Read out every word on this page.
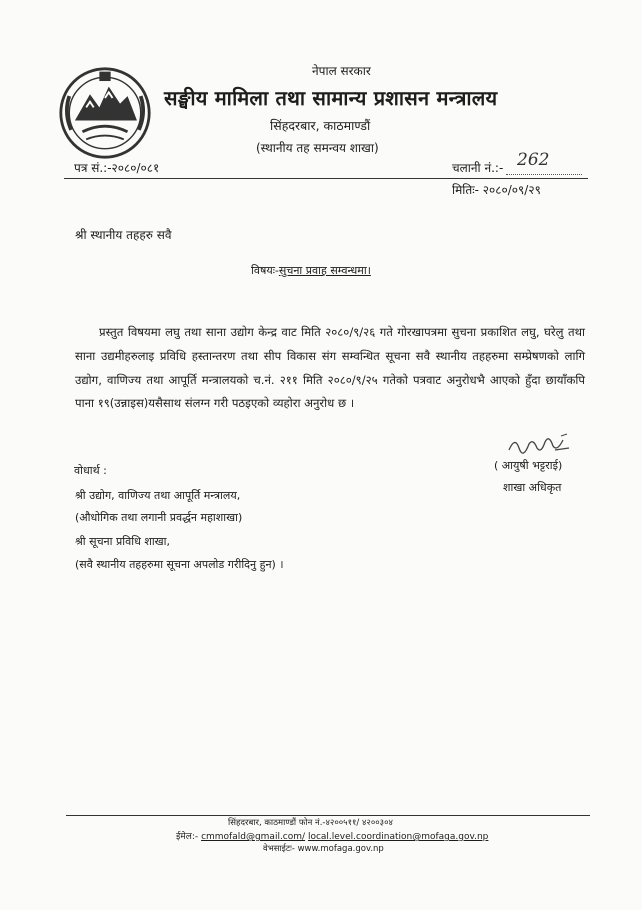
नेपाल सरकार
सङ्घीय मामिला तथा सामान्य प्रशासन मन्त्रालय
सिंहदरबार, काठमाण्डौं
(स्थानीय तह समन्वय शाखा)
पत्र सं.:-२०८०/०८१	चलानी नं.:- 262
मितिः- २०८०/०९/२९
श्री स्थानीय तहहरु सवै
विषयः-सुचना प्रवाह सम्वन्धमा।
प्रस्तुत विषयमा लघु तथा साना उद्योग केन्द्र वाट मिति २०८०/९/२६ गते गोरखापत्रमा सुचना प्रकाशित लघु, घरेलु तथा साना उद्यमीहरुलाइ प्रविधि हस्तान्तरण तथा सीप विकास संग सम्वन्धित सूचना सवै स्थानीय तहहरुमा सम्प्रेषणको लागि उद्योग, वाणिज्य तथा आपूर्ति मन्त्रालयको च.नं. २११ मिति २०८०/९/२५ गतेको पत्रवाट अनुरोधभै आएको हुँदा छायाँकपि पाना १९(उन्नाइस)यसैसाथ संलग्न गरी पठइएको व्यहोरा अनुरोध छ ।
( आयुषी भट्टराई)
शाखा अधिकृत
वोधार्थ :
श्री उद्योग, वाणिज्य तथा आपूर्ति मन्त्रालय,
(औधोगिक तथा लगानी प्रवर्द्धन महाशाखा)
श्री सूचना प्रविधि शाखा,
(सवै स्थानीय तहहरुमा सूचना अपलोड गरीदिनु हुन) ।
सिंहदरबार, काठमाण्डौं फोन नं.-४२००५११/ ४२००३०४
ईमेल:- cmmofald@gmail.com/ local.level.coordination@mofaga.gov.np
वेभसाईटः- www.mofaga.gov.np
